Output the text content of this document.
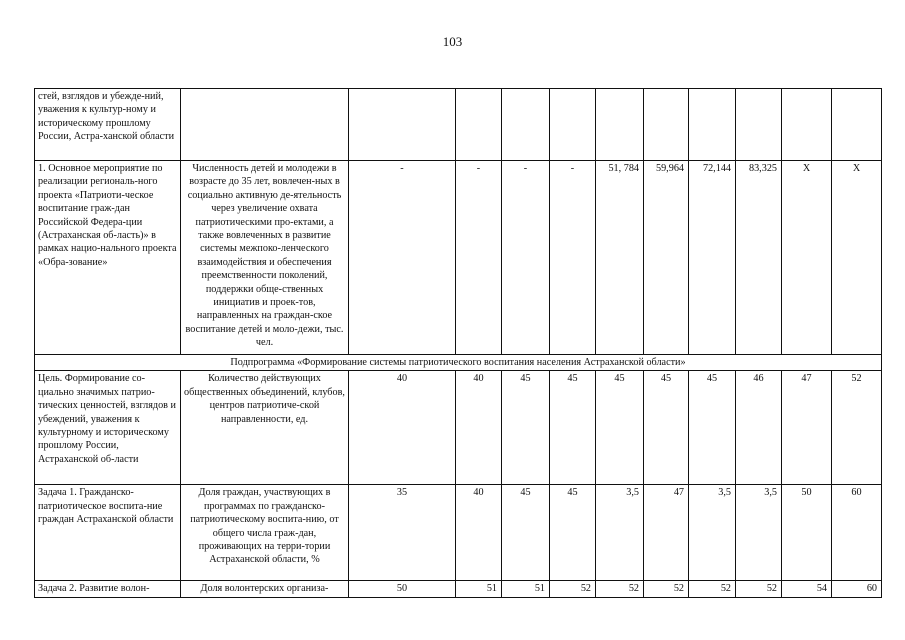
103
стей, взглядов и убежде-ний, уважения к культур-ному и историческому прошлому России, Астра-ханской области											
1. Основное мероприятие по реализации региональ-ного проекта «Патриоти-ческое воспитание граж-дан Российской Федера-ции (Астраханская об-ласть)» в рамках нацио-нального проекта «Обра-зование»	Численность детей и молодежи в возрасте до 35 лет, вовлечен-ных в социально активную де-ятельность через увеличение охвата патриотическими про-ектами, а также вовлеченных в развитие системы межпоко-ленческого взаимодействия и обеспечения преемственности поколений, поддержки обще-ственных инициатив и проек-тов, направленных на граждан-ское воспитание детей и моло-дежи, тыс. чел.	-	-	-	-	51, 784	59,964	72,144	83,325	Х	Х
Подпрограмма «Формирование системы патриотического воспитания населения Астраханской области»											
Цель. Формирование со-циально значимых патрио-тических ценностей, взглядов и убеждений, уважения к культурному и историческому прошлому России, Астраханской об-ласти	Количество действующих общественных объединений, клубов, центров патриотиче-ской направленности, ед.	40	40	45	45	45	45	45	46	47	52
Задача 1. Гражданско-патриотическое воспита-ние граждан Астраханской области	Доля граждан, участвующих в программах по гражданско-патриотическому воспита-нию, от общего числа граж-дан, проживающих на терри-тории Астраханской области, %	35	40	45	45	3,5	47	3,5	3,5	50	60
Задача 2. Развитие волон-	Доля волонтерских организа-	50	51	51	52	52	52	52	52	54	60
